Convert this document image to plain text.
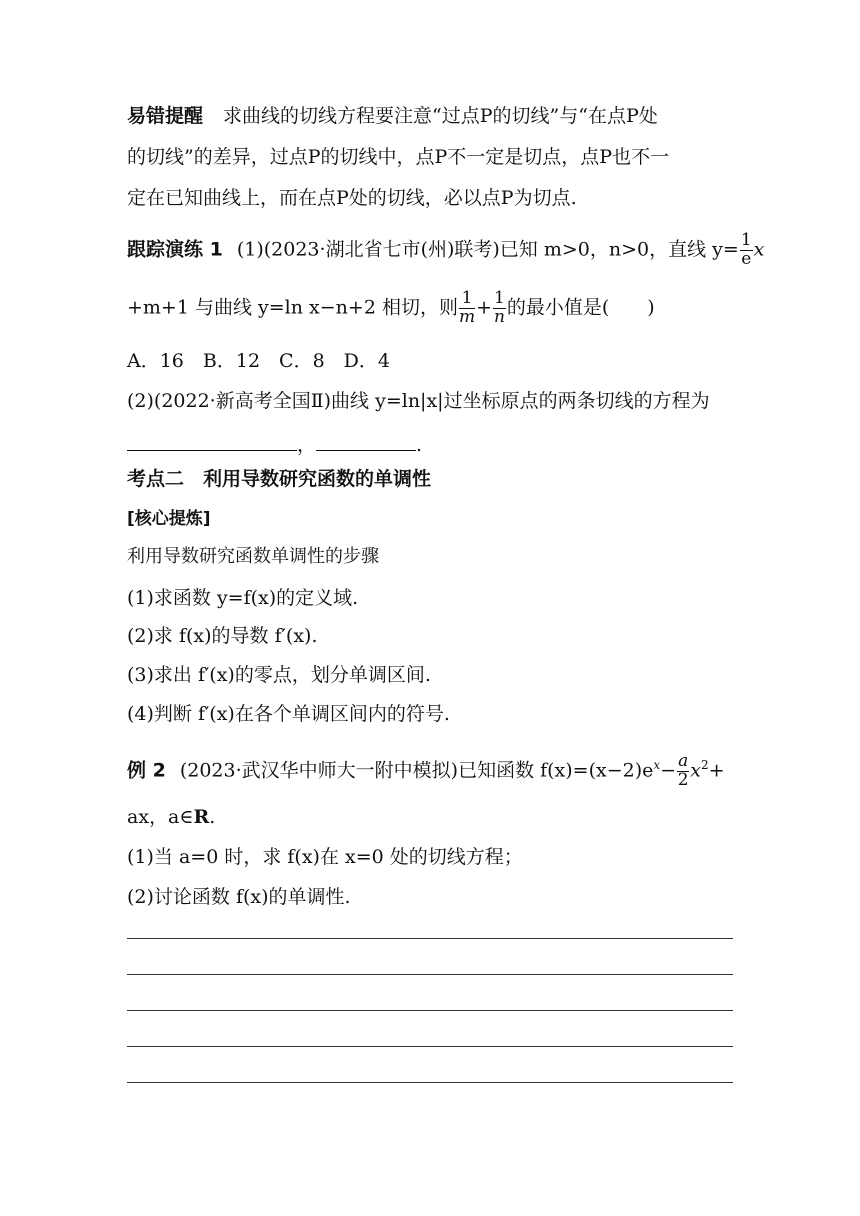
易错提醒 求曲线的切线方程要注意“过点P的切线”与“在点P处
的切线”的差异，过点P的切线中，点P不一定是切点，点P也不一
定在已知曲线上，而在点P处的切线，必以点P为切点.
跟踪演练 1 (1)(2023·湖北省七市(州)联考)已知 m>0，n>0，直线 $y= \frac{1}{e}$ x
+m+1 与曲线 y=ln x−n+2 相切，则 $\frac{1}{m} + \frac{1}{n}$ 的最小值是(　　)
A．16　B．12　C．8　D．4
(2)(2022·新高考全国Ⅱ)曲线 y=ln|x|过坐标原点的两条切线的方程为
，	.
考点二　利用导数研究函数的单调性
[核心提炼]
利用导数研究函数单调性的步骤
(1)求函数 y=f(x)的定义域.
(2)求 f(x)的导数 f′(x).
(3)求出 f′(x)的零点，划分单调区间.
(4)判断 f′(x)在各个单调区间内的符号.
例 2 (2023·武汉华中师大一附中模拟)已知函数 $f(x)=(x-2)e^x- \frac{a}{2} x^2+$
ax，a∈R.
(1)当 a=0 时，求 f(x)在 x=0 处的切线方程；
(2)讨论函数 f(x)的单调性.
